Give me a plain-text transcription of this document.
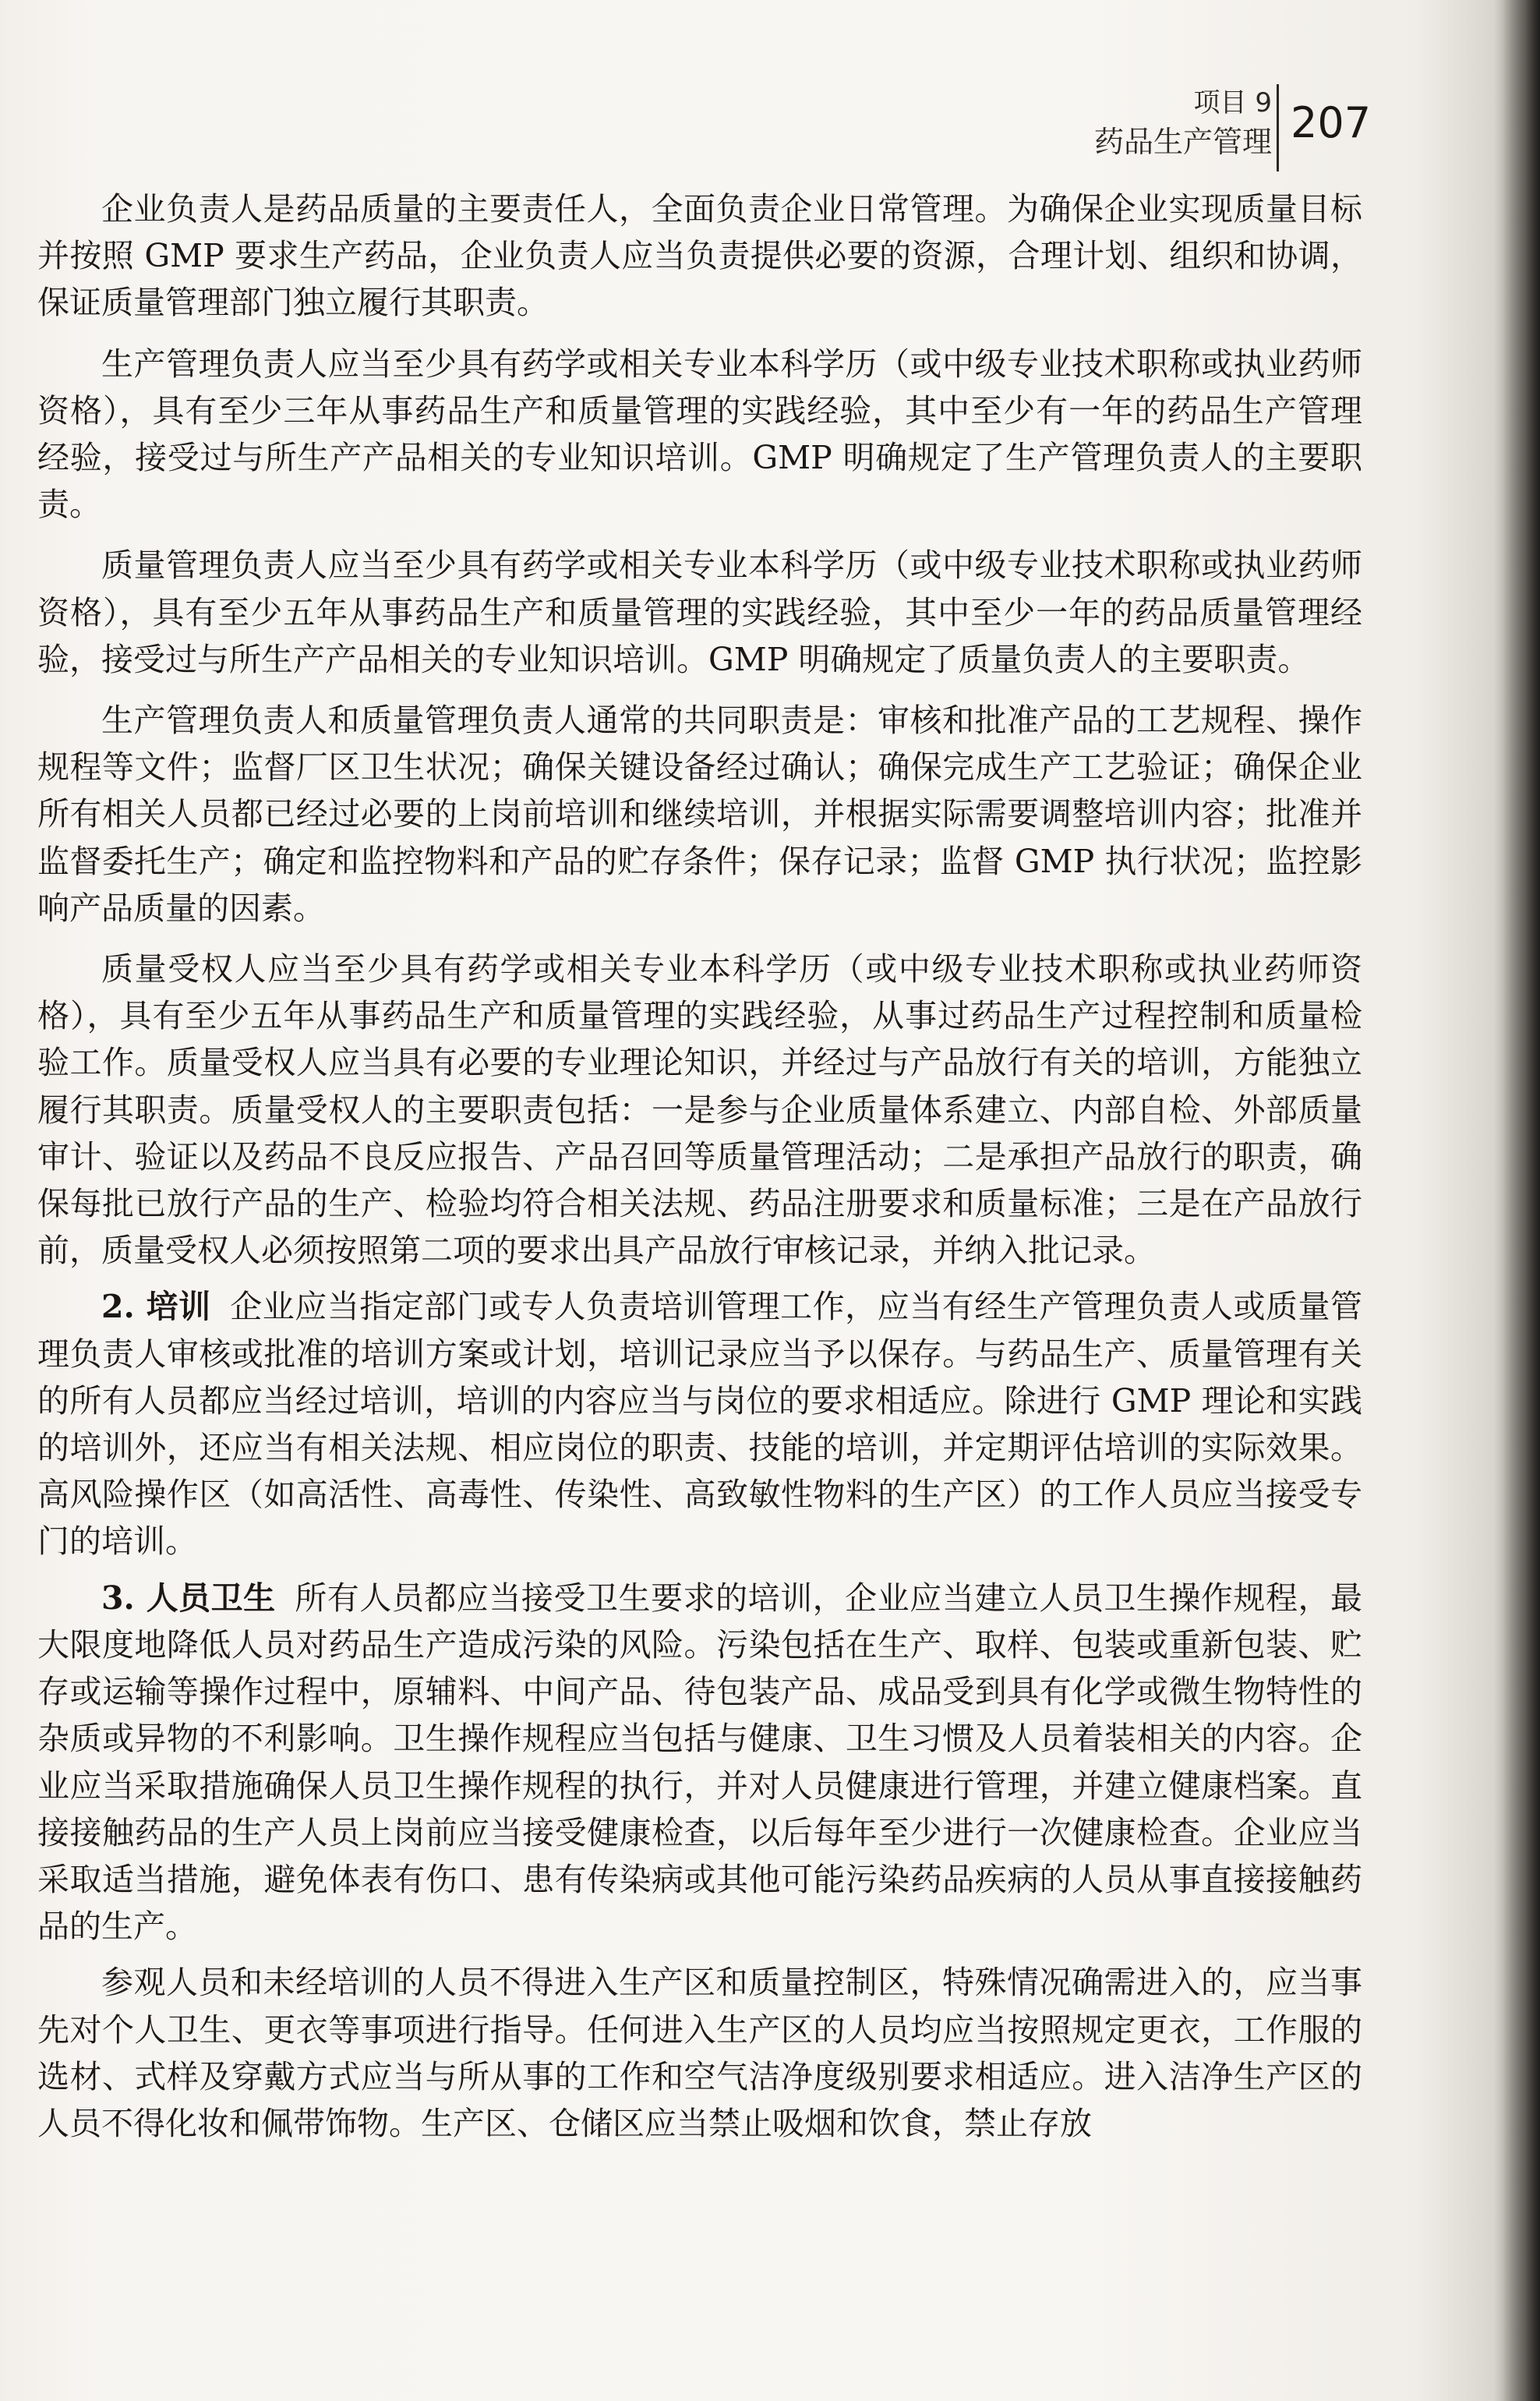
项目 9
药品生产管理 207

企业负责人是药品质量的主要责任人，全面负责企业日常管理。为确保企业实现质量目标并按照 GMP 要求生产药品，企业负责人应当负责提供必要的资源，合理计划、组织和协调，保证质量管理部门独立履行其职责。

生产管理负责人应当至少具有药学或相关专业本科学历（或中级专业技术职称或执业药师资格），具有至少三年从事药品生产和质量管理的实践经验，其中至少有一年的药品生产管理经验，接受过与所生产产品相关的专业知识培训。GMP 明确规定了生产管理负责人的主要职责。

质量管理负责人应当至少具有药学或相关专业本科学历（或中级专业技术职称或执业药师资格），具有至少五年从事药品生产和质量管理的实践经验，其中至少一年的药品质量管理经验，接受过与所生产产品相关的专业知识培训。GMP 明确规定了质量负责人的主要职责。

生产管理负责人和质量管理负责人通常的共同职责是：审核和批准产品的工艺规程、操作规程等文件；监督厂区卫生状况；确保关键设备经过确认；确保完成生产工艺验证；确保企业所有相关人员都已经过必要的上岗前培训和继续培训，并根据实际需要调整培训内容；批准并监督委托生产；确定和监控物料和产品的贮存条件；保存记录；监督 GMP 执行状况；监控影响产品质量的因素。

质量受权人应当至少具有药学或相关专业本科学历（或中级专业技术职称或执业药师资格），具有至少五年从事药品生产和质量管理的实践经验，从事过药品生产过程控制和质量检验工作。质量受权人应当具有必要的专业理论知识，并经过与产品放行有关的培训，方能独立履行其职责。质量受权人的主要职责包括：一是参与企业质量体系建立、内部自检、外部质量审计、验证以及药品不良反应报告、产品召回等质量管理活动；二是承担产品放行的职责，确保每批已放行产品的生产、检验均符合相关法规、药品注册要求和质量标准；三是在产品放行前，质量受权人必须按照第二项的要求出具产品放行审核记录，并纳入批记录。

2. 培训 企业应当指定部门或专人负责培训管理工作，应当有经生产管理负责人或质量管理负责人审核或批准的培训方案或计划，培训记录应当予以保存。与药品生产、质量管理有关的所有人员都应当经过培训，培训的内容应当与岗位的要求相适应。除进行 GMP 理论和实践的培训外，还应当有相关法规、相应岗位的职责、技能的培训，并定期评估培训的实际效果。高风险操作区（如高活性、高毒性、传染性、高致敏性物料的生产区）的工作人员应当接受专门的培训。

3. 人员卫生 所有人员都应当接受卫生要求的培训，企业应当建立人员卫生操作规程，最大限度地降低人员对药品生产造成污染的风险。污染包括在生产、取样、包装或重新包装、贮存或运输等操作过程中，原辅料、中间产品、待包装产品、成品受到具有化学或微生物特性的杂质或异物的不利影响。卫生操作规程应当包括与健康、卫生习惯及人员着装相关的内容。企业应当采取措施确保人员卫生操作规程的执行，并对人员健康进行管理，并建立健康档案。直接接触药品的生产人员上岗前应当接受健康检查，以后每年至少进行一次健康检查。企业应当采取适当措施，避免体表有伤口、患有传染病或其他可能污染药品疾病的人员从事直接接触药品的生产。

参观人员和未经培训的人员不得进入生产区和质量控制区，特殊情况确需进入的，应当事先对个人卫生、更衣等事项进行指导。任何进入生产区的人员均应当按照规定更衣，工作服的选材、式样及穿戴方式应当与所从事的工作和空气洁净度级别要求相适应。进入洁净生产区的人员不得化妆和佩带饰物。生产区、仓储区应当禁止吸烟和饮食，禁止存放
